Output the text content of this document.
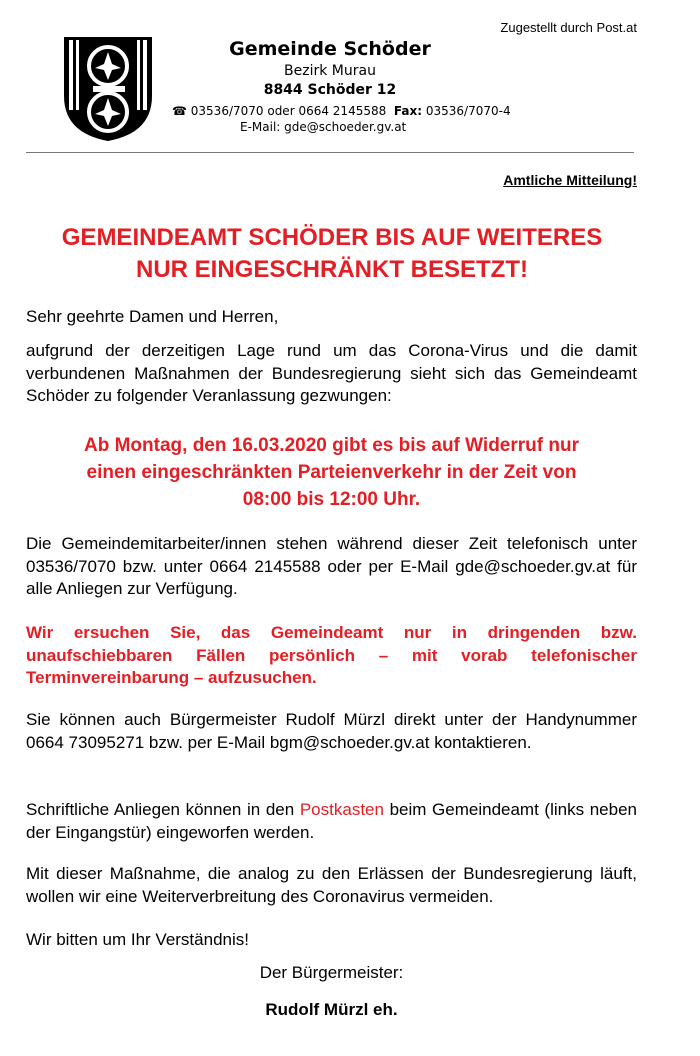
Zugestellt durch Post.at
Gemeinde Schöder
Bezirk Murau
8844 Schöder 12
☎ 03536/7070 oder 0664 2145588 Fax: 03536/7070-4
E-Mail: gde@schoeder.gv.at
Amtliche Mitteilung!
GEMEINDEAMT SCHÖDER BIS AUF WEITERES
NUR EINGESCHRÄNKT BESETZT!
Sehr geehrte Damen und Herren,
aufgrund der derzeitigen Lage rund um das Corona-Virus und die damit verbundenen Maßnahmen der Bundesregierung sieht sich das Gemeindeamt Schöder zu folgender Veranlassung gezwungen:
Ab Montag, den 16.03.2020 gibt es bis auf Widerruf nur
einen eingeschränkten Parteienverkehr in der Zeit von
08:00 bis 12:00 Uhr.
Die Gemeindemitarbeiter/innen stehen während dieser Zeit telefonisch unter 03536/7070 bzw. unter 0664 2145588 oder per E-Mail gde@schoeder.gv.at für alle Anliegen zur Verfügung.
Wir ersuchen Sie, das Gemeindeamt nur in dringenden bzw. unaufschiebbaren Fällen persönlich – mit vorab telefonischer Terminvereinbarung – aufzusuchen.
Sie können auch Bürgermeister Rudolf Mürzl direkt unter der Handynummer 0664 73095271 bzw. per E-Mail bgm@schoeder.gv.at kontaktieren.
Schriftliche Anliegen können in den Postkasten beim Gemeindeamt (links neben der Eingangstür) eingeworfen werden.
Mit dieser Maßnahme, die analog zu den Erlässen der Bundesregierung läuft, wollen wir eine Weiterverbreitung des Coronavirus vermeiden.
Wir bitten um Ihr Verständnis!
Der Bürgermeister:
Rudolf Mürzl eh.
